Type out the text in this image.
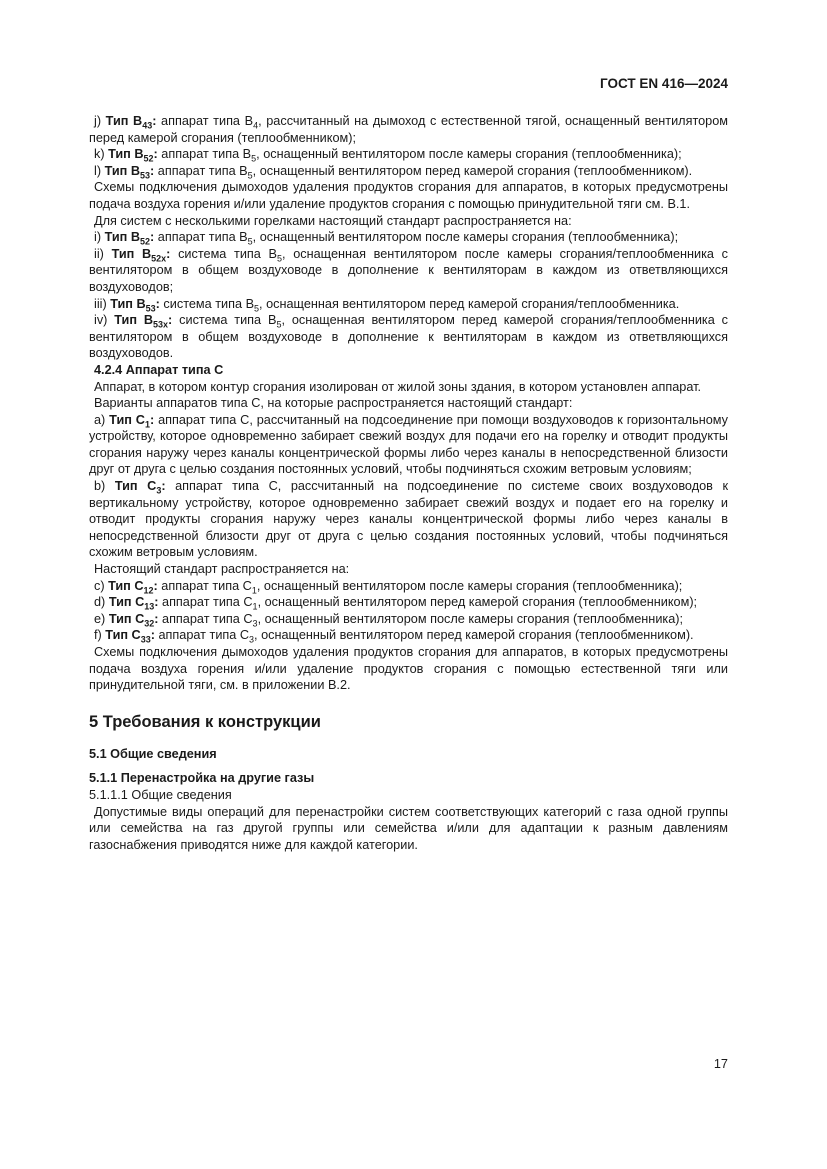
ГОСТ EN 416—2024

j) Тип $B_{43}$: аппарат типа $B_4$, рассчитанный на дымоход с естественной тягой, оснащенный вентилятором перед камерой сгорания (теплообменником);

k) Тип $B_{52}$: аппарат типа $B_5$, оснащенный вентилятором после камеры сгорания (теплообменника);

l) Тип $B_{53}$: аппарат типа $B_5$, оснащенный вентилятором перед камерой сгорания (теплообменником).

Схемы подключения дымоходов удаления продуктов сгорания для аппаратов, в которых предусмотрены подача воздуха горения и/или удаление продуктов сгорания с помощью принудительной тяги см. B.1.

Для систем с несколькими горелками настоящий стандарт распространяется на:

i) Тип $B_{52}$: аппарат типа $B_5$, оснащенный вентилятором после камеры сгорания (теплообменника);

ii) Тип $B_{52x}$: система типа $B_5$, оснащенная вентилятором после камеры сгорания/теплообменника с вентилятором в общем воздуховоде в дополнение к вентиляторам в каждом из ответвляющихся воздуховодов;

iii) Тип $B_{53}$: система типа $B_5$, оснащенная вентилятором перед камерой сгорания/теплообменника.

iv) Тип $B_{53x}$: система типа $B_5$, оснащенная вентилятором перед камерой сгорания/теплообменника с вентилятором в общем воздуховоде в дополнение к вентиляторам в каждом из ответвляющихся воздуховодов.

4.2.4 Аппарат типа C

Аппарат, в котором контур сгорания изолирован от жилой зоны здания, в котором установлен аппарат.

Варианты аппаратов типа C, на которые распространяется настоящий стандарт:

a) Тип $C_1$: аппарат типа C, рассчитанный на подсоединение при помощи воздуховодов к горизонтальному устройству, которое одновременно забирает свежий воздух для подачи его на горелку и отводит продукты сгорания наружу через каналы концентрической формы либо через каналы в непосредственной близости друг от друга с целью создания постоянных условий, чтобы подчиняться схожим ветровым условиям;

b) Тип $C_3$: аппарат типа C, рассчитанный на подсоединение по системе своих воздуховодов к вертикальному устройству, которое одновременно забирает свежий воздух и подает его на горелку и отводит продукты сгорания наружу через каналы концентрической формы либо через каналы в непосредственной близости друг от друга с целью создания постоянных условий, чтобы подчиняться схожим ветровым условиям.

Настоящий стандарт распространяется на:

c) Тип $C_{12}$: аппарат типа $C_1$, оснащенный вентилятором после камеры сгорания (теплообменника);

d) Тип $C_{13}$: аппарат типа $C_1$, оснащенный вентилятором перед камерой сгорания (теплообменником);

e) Тип $C_{32}$: аппарат типа $C_3$, оснащенный вентилятором после камеры сгорания (теплообменника);

f) Тип $C_{33}$: аппарат типа $C_3$, оснащенный вентилятором перед камерой сгорания (теплообменником).

Схемы подключения дымоходов удаления продуктов сгорания для аппаратов, в которых предусмотрены подача воздуха горения и/или удаление продуктов сгорания с помощью естественной тяги или принудительной тяги, см. в приложении B.2.

5 Требования к конструкции

5.1 Общие сведения

5.1.1 Перенастройка на другие газы

5.1.1.1 Общие сведения

Допустимые виды операций для перенастройки систем соответствующих категорий с газа одной группы или семейства на газ другой группы или семейства и/или для адаптации к разным давлениям газоснабжения приводятся ниже для каждой категории.

17
